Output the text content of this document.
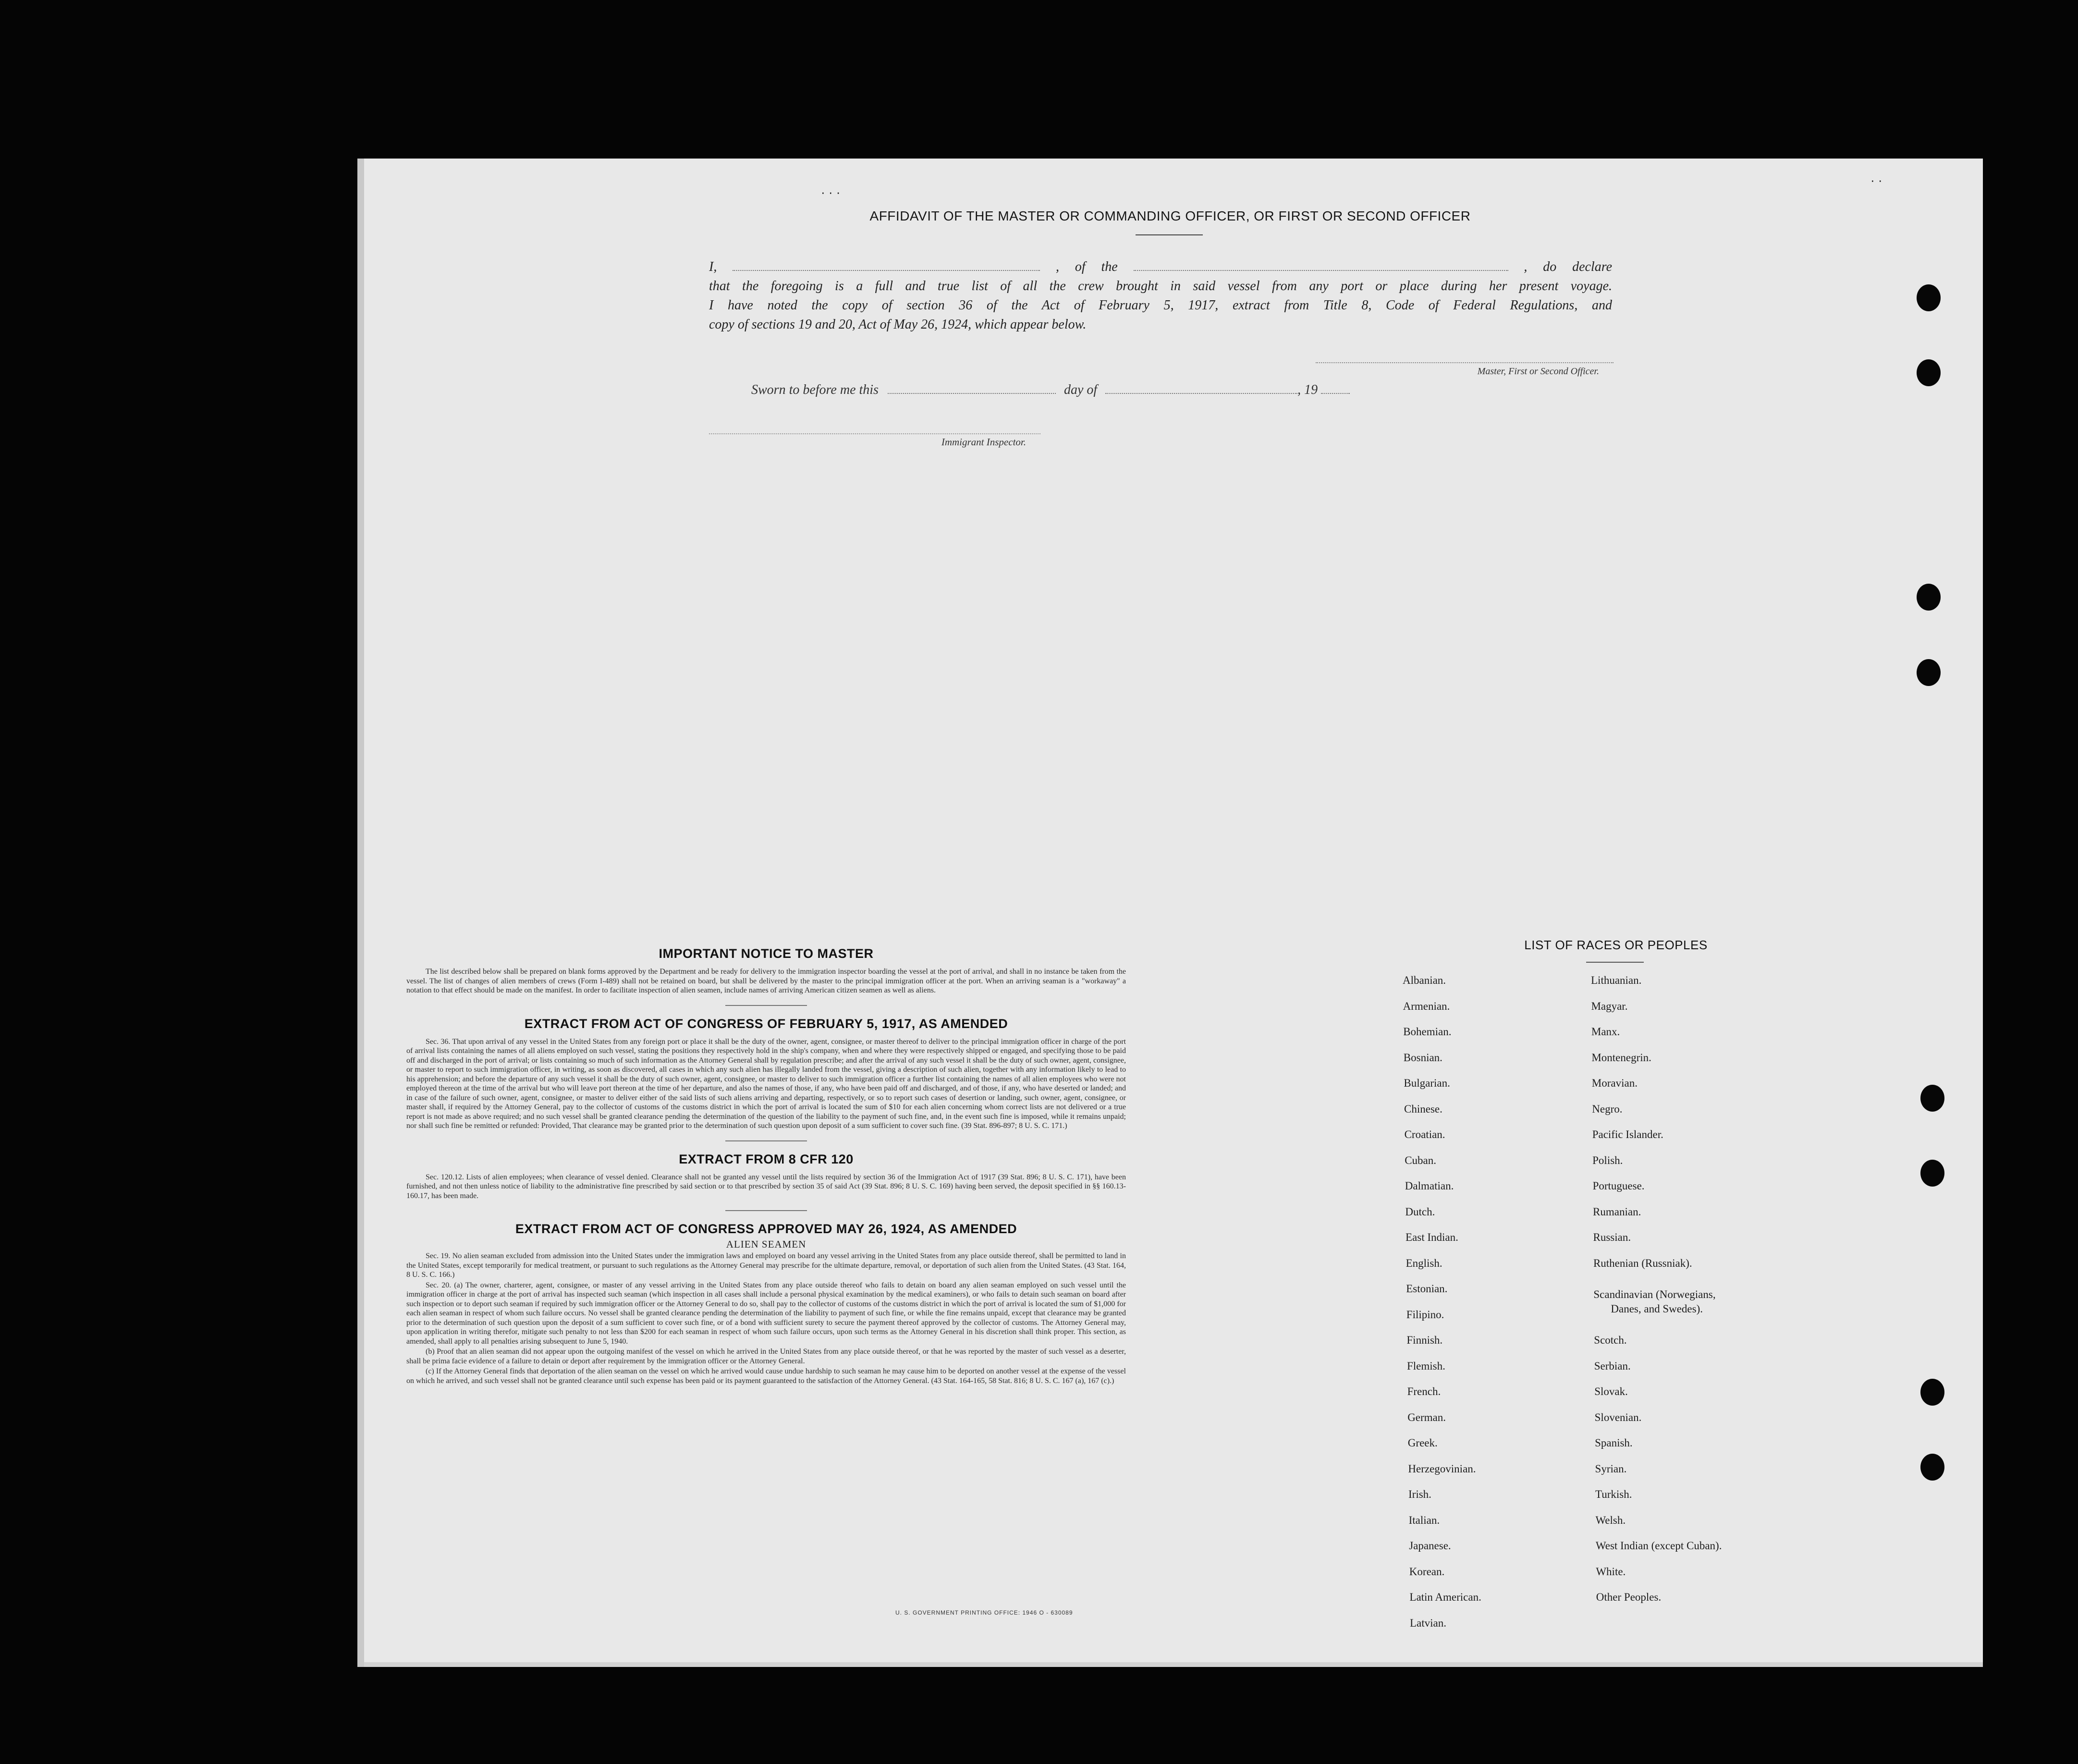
· · ·
· ·
AFFIDAVIT OF THE MASTER OR COMMANDING OFFICER, OR FIRST OR SECOND OFFICER
I,	, of the	, do declare
that the foregoing is a full and true list of all the crew brought in said vessel from any port or place during her present voyage.
I have noted the copy of section 36 of the Act of February 5, 1917, extract from Title 8, Code of Federal Regulations, and
copy of sections 19 and 20, Act of May 26, 1924, which appear below.
Master, First or Second Officer.
Sworn to before me this	day of	, 19
Immigrant Inspector.
IMPORTANT NOTICE TO MASTER

The list described below shall be prepared on blank forms approved by the Department and be ready for delivery to the immigration inspector boarding the vessel at the port of arrival, and shall in no instance be taken from the vessel. The list of changes of alien members of crews (Form I-489) shall not be retained on board, but shall be delivered by the master to the principal immigration officer at the port. When an arriving seaman is a "workaway" a notation to that effect should be made on the manifest. In order to facilitate inspection of alien seamen, include names of arriving American citizen seamen as well as aliens.

EXTRACT FROM ACT OF CONGRESS OF FEBRUARY 5, 1917, AS AMENDED

Sec. 36. That upon arrival of any vessel in the United States from any foreign port or place it shall be the duty of the owner, agent, consignee, or master thereof to deliver to the principal immigration officer in charge of the port of arrival lists containing the names of all aliens employed on such vessel, stating the positions they respectively hold in the ship's company, when and where they were respectively shipped or engaged, and specifying those to be paid off and discharged in the port of arrival; or lists containing so much of such information as the Attorney General shall by regulation prescribe; and after the arrival of any such vessel it shall be the duty of such owner, agent, consignee, or master to report to such immigration officer, in writing, as soon as discovered, all cases in which any such alien has illegally landed from the vessel, giving a description of such alien, together with any information likely to lead to his apprehension; and before the departure of any such vessel it shall be the duty of such owner, agent, consignee, or master to deliver to such immigration officer a further list containing the names of all alien employees who were not employed thereon at the time of the arrival but who will leave port thereon at the time of her departure, and also the names of those, if any, who have been paid off and discharged, and of those, if any, who have deserted or landed; and in case of the failure of such owner, agent, consignee, or master to deliver either of the said lists of such aliens arriving and departing, respectively, or so to report such cases of desertion or landing, such owner, agent, consignee, or master shall, if required by the Attorney General, pay to the collector of customs of the customs district in which the port of arrival is located the sum of $10 for each alien concerning whom correct lists are not delivered or a true report is not made as above required; and no such vessel shall be granted clearance pending the determination of the question of the liability to the payment of such fine, and, in the event such fine is imposed, while it remains unpaid; nor shall such fine be remitted or refunded: Provided, That clearance may be granted prior to the determination of such question upon deposit of a sum sufficient to cover such fine. (39 Stat. 896-897; 8 U. S. C. 171.)

EXTRACT FROM 8 CFR 120

Sec. 120.12. Lists of alien employees; when clearance of vessel denied. Clearance shall not be granted any vessel until the lists required by section 36 of the Immigration Act of 1917 (39 Stat. 896; 8 U. S. C. 171), have been furnished, and not then unless notice of liability to the administrative fine prescribed by said section or to that prescribed by section 35 of said Act (39 Stat. 896; 8 U. S. C. 169) having been served, the deposit specified in §§ 160.13-160.17, has been made.

EXTRACT FROM ACT OF CONGRESS APPROVED MAY 26, 1924, AS AMENDED
ALIEN SEAMEN

Sec. 19. No alien seaman excluded from admission into the United States under the immigration laws and employed on board any vessel arriving in the United States from any place outside thereof, shall be permitted to land in the United States, except temporarily for medical treatment, or pursuant to such regulations as the Attorney General may prescribe for the ultimate departure, removal, or deportation of such alien from the United States. (43 Stat. 164, 8 U. S. C. 166.)

Sec. 20. (a) The owner, charterer, agent, consignee, or master of any vessel arriving in the United States from any place outside thereof who fails to detain on board any alien seaman employed on such vessel until the immigration officer in charge at the port of arrival has inspected such seaman (which inspection in all cases shall include a personal physical examination by the medical examiners), or who fails to detain such seaman on board after such inspection or to deport such seaman if required by such immigration officer or the Attorney General to do so, shall pay to the collector of customs of the customs district in which the port of arrival is located the sum of $1,000 for each alien seaman in respect of whom such failure occurs. No vessel shall be granted clearance pending the determination of the liability to payment of such fine, or while the fine remains unpaid, except that clearance may be granted prior to the determination of such question upon the deposit of a sum sufficient to cover such fine, or of a bond with sufficient surety to secure the payment thereof approved by the collector of customs. The Attorney General may, upon application in writing therefor, mitigate such penalty to not less than $200 for each seaman in respect of whom such failure occurs, upon such terms as the Attorney General in his discretion shall think proper. This section, as amended, shall apply to all penalties arising subsequent to June 5, 1940.

(b) Proof that an alien seaman did not appear upon the outgoing manifest of the vessel on which he arrived in the United States from any place outside thereof, or that he was reported by the master of such vessel as a deserter, shall be prima facie evidence of a failure to detain or deport after requirement by the immigration officer or the Attorney General.

(c) If the Attorney General finds that deportation of the alien seaman on the vessel on which he arrived would cause undue hardship to such seaman he may cause him to be deported on another vessel at the expense of the vessel on which he arrived, and such vessel shall not be granted clearance until such expense has been paid or its payment guaranteed to the satisfaction of the Attorney General. (43 Stat. 164-165, 58 Stat. 816; 8 U. S. C. 167 (a), 167 (c).)

U. S. GOVERNMENT PRINTING OFFICE: 1946 O - 630089
LIST OF RACES OR PEOPLES
Albanian.
Armenian.
Bohemian.
Bosnian.
Bulgarian.
Chinese.
Croatian.
Cuban.
Dalmatian.
Dutch.
East Indian.
English.
Estonian.
Filipino.
Finnish.
Flemish.
French.
German.
Greek.
Herzegovinian.
Irish.
Italian.
Japanese.
Korean.
Latin American.
Latvian.
Lithuanian.
Magyar.
Manx.
Montenegrin.
Moravian.
Negro.
Pacific Islander.
Polish.
Portuguese.
Rumanian.
Russian.
Ruthenian (Russniak).
Scandinavian (Norwegians,
Danes, and Swedes).
Scotch.
Serbian.
Slovak.
Slovenian.
Spanish.
Syrian.
Turkish.
Welsh.
West Indian (except Cuban).
White.
Other Peoples.
